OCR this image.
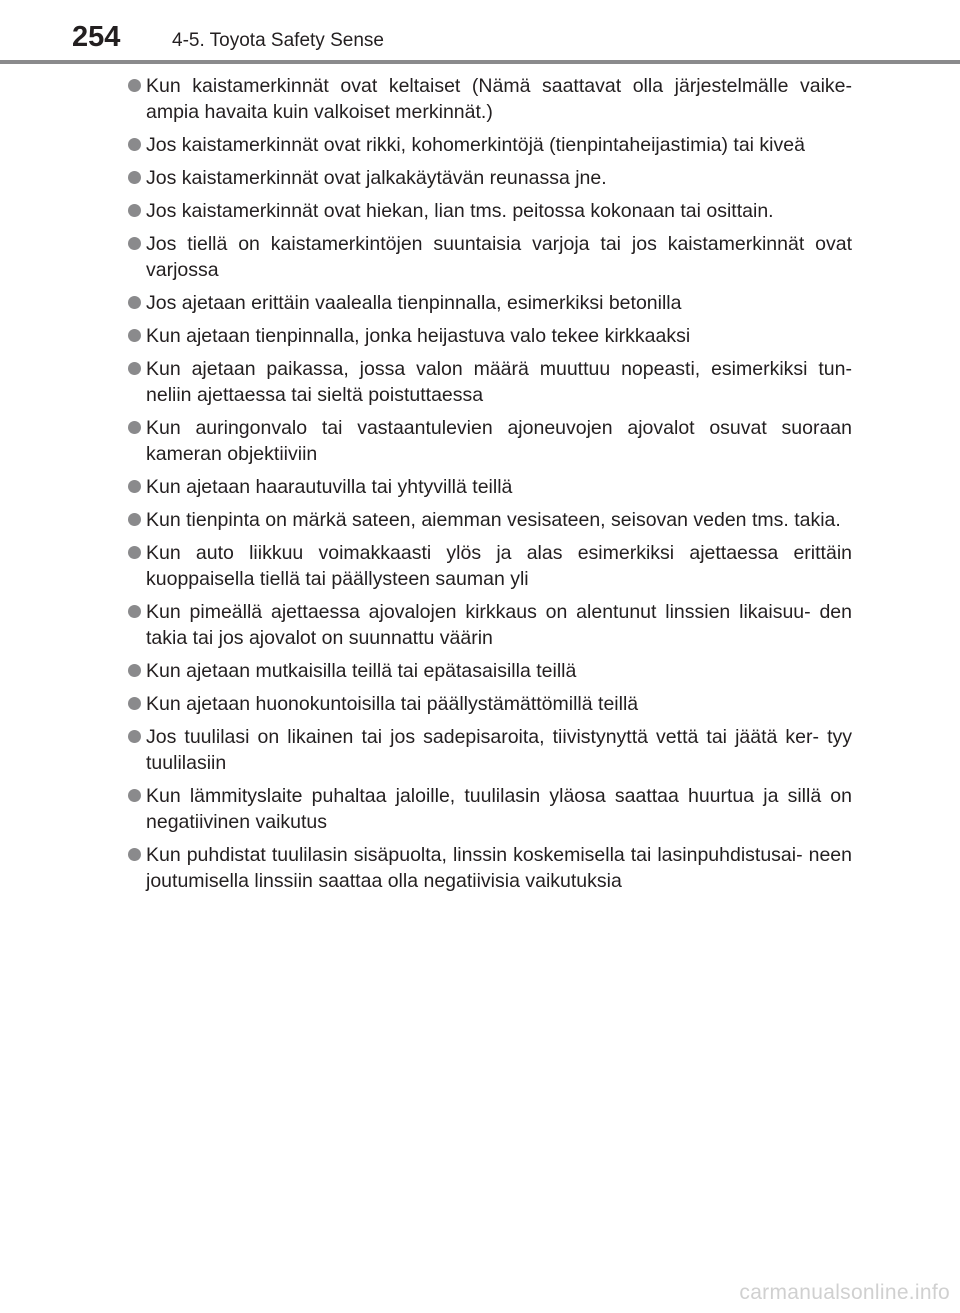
254	4-5. Toyota Safety Sense
Kun kaistamerkinnät ovat keltaiset (Nämä saattavat olla järjestelmälle vaike- ampia havaita kuin valkoiset merkinnät.)
Jos kaistamerkinnät ovat rikki, kohomerkintöjä (tienpintaheijastimia) tai kiveä
Jos kaistamerkinnät ovat jalkakäytävän reunassa jne.
Jos kaistamerkinnät ovat hiekan, lian tms. peitossa kokonaan tai osittain.
Jos tiellä on kaistamerkintöjen suuntaisia varjoja tai jos kaistamerkinnät ovat varjossa
Jos ajetaan erittäin vaalealla tienpinnalla, esimerkiksi betonilla
Kun ajetaan tienpinnalla, jonka heijastuva valo tekee kirkkaaksi
Kun ajetaan paikassa, jossa valon määrä muuttuu nopeasti, esimerkiksi tun- neliin ajettaessa tai sieltä poistuttaessa
Kun auringonvalo tai vastaantulevien ajoneuvojen ajovalot osuvat suoraan kameran objektiiviin
Kun ajetaan haarautuvilla tai yhtyvillä teillä
Kun tienpinta on märkä sateen, aiemman vesisateen, seisovan veden tms. takia.
Kun auto liikkuu voimakkaasti ylös ja alas esimerkiksi ajettaessa erittäin kuoppaisella tiellä tai päällysteen sauman yli
Kun pimeällä ajettaessa ajovalojen kirkkaus on alentunut linssien likaisuu- den takia tai jos ajovalot on suunnattu väärin
Kun ajetaan mutkaisilla teillä tai epätasaisilla teillä
Kun ajetaan huonokuntoisilla tai päällystämättömillä teillä
Jos tuulilasi on likainen tai jos sadepisaroita, tiivistynyttä vettä tai jäätä ker- tyy tuulilasiin
Kun lämmityslaite puhaltaa jaloille, tuulilasin yläosa saattaa huurtua ja sillä on negatiivinen vaikutus
Kun puhdistat tuulilasin sisäpuolta, linssin koskemisella tai lasinpuhdistusai- neen joutumisella linssiin saattaa olla negatiivisia vaikutuksia
carmanualsonline.info
